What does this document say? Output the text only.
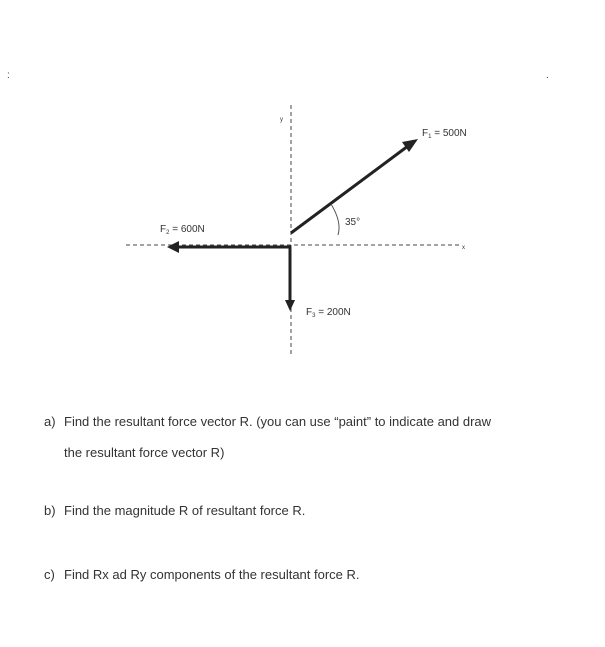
:	.
x
y
35°
$F_1 = 500N$
$F_2 = 600N$
$F_3 = 200N$
a) Find the resultant force vector R. (you can use “paint” to indicate and draw
the resultant force vector R)
b) Find the magnitude R of resultant force R.
c) Find Rx ad Ry components of the resultant force R.
